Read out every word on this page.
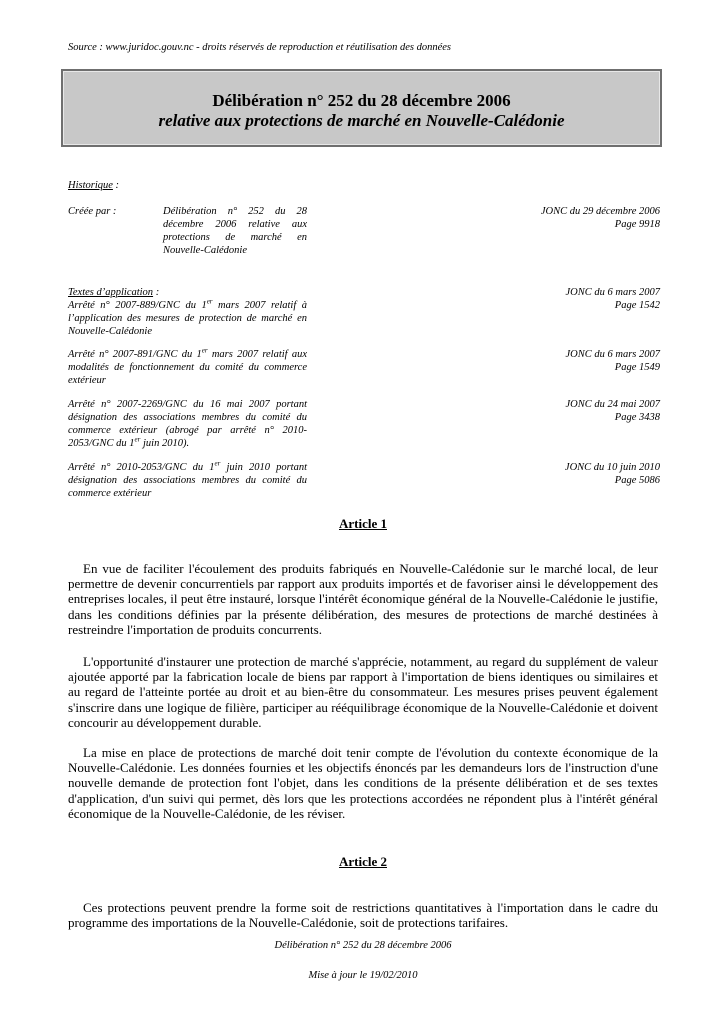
Source : www.juridoc.gouv.nc - droits réservés de reproduction et réutilisation des données
Délibération n° 252 du 28 décembre 2006
relative aux protections de marché en Nouvelle-Calédonie
Historique :
Créée par :	Délibération n° 252 du 28 décembre 2006 relative aux protections de marché en Nouvelle-Calédonie
JONC du 29 décembre 2006
Page 9918
Textes d’application :
Arrêté n° 2007-889/GNC du 1er mars 2007 relatif à l’application des mesures de protection de marché en Nouvelle-Calédonie
JONC du 6 mars 2007
Page 1542
Arrêté n° 2007-891/GNC du 1er mars 2007 relatif aux modalités de fonctionnement du comité du commerce extérieur
JONC du 6 mars 2007
Page 1549
Arrêté n° 2007-2269/GNC du 16 mai 2007 portant désignation des associations membres du comité du commerce extérieur (abrogé par arrêté n° 2010-2053/GNC du 1er juin 2010).
JONC du 24 mai 2007
Page 3438
Arrêté n° 2010-2053/GNC du 1er juin 2010 portant désignation des associations membres du comité du commerce extérieur
JONC du 10 juin 2010
Page 5086
Article 1
En vue de faciliter l'écoulement des produits fabriqués en Nouvelle-Calédonie sur le marché local, de leur permettre de devenir concurrentiels par rapport aux produits importés et de favoriser ainsi le développement des entreprises locales, il peut être instauré, lorsque l'intérêt économique général de la Nouvelle-Calédonie le justifie, dans les conditions définies par la présente délibération, des mesures de protections de marché destinées à restreindre l'importation de produits concurrents.
L'opportunité d'instaurer une protection de marché s'apprécie, notamment, au regard du supplément de valeur ajoutée apporté par la fabrication locale de biens par rapport à l'importation de biens identiques ou similaires et au regard de l'atteinte portée au droit et au bien-être du consommateur. Les mesures prises peuvent également s'inscrire dans une logique de filière, participer au rééquilibrage économique de la Nouvelle-Calédonie et doivent concourir au développement durable.
La mise en place de protections de marché doit tenir compte de l'évolution du contexte économique de la Nouvelle-Calédonie. Les données fournies et les objectifs énoncés par les demandeurs lors de l'instruction d'une nouvelle demande de protection font l'objet, dans les conditions de la présente délibération et de ses textes d'application, d'un suivi qui permet, dès lors que les protections accordées ne répondent plus à l'intérêt général économique de la Nouvelle-Calédonie, de les réviser.
Article 2
Ces protections peuvent prendre la forme soit de restrictions quantitatives à l'importation dans le cadre du programme des importations de la Nouvelle-Calédonie, soit de protections tarifaires.
Délibération n° 252 du 28 décembre 2006
Mise à jour le 19/02/2010
